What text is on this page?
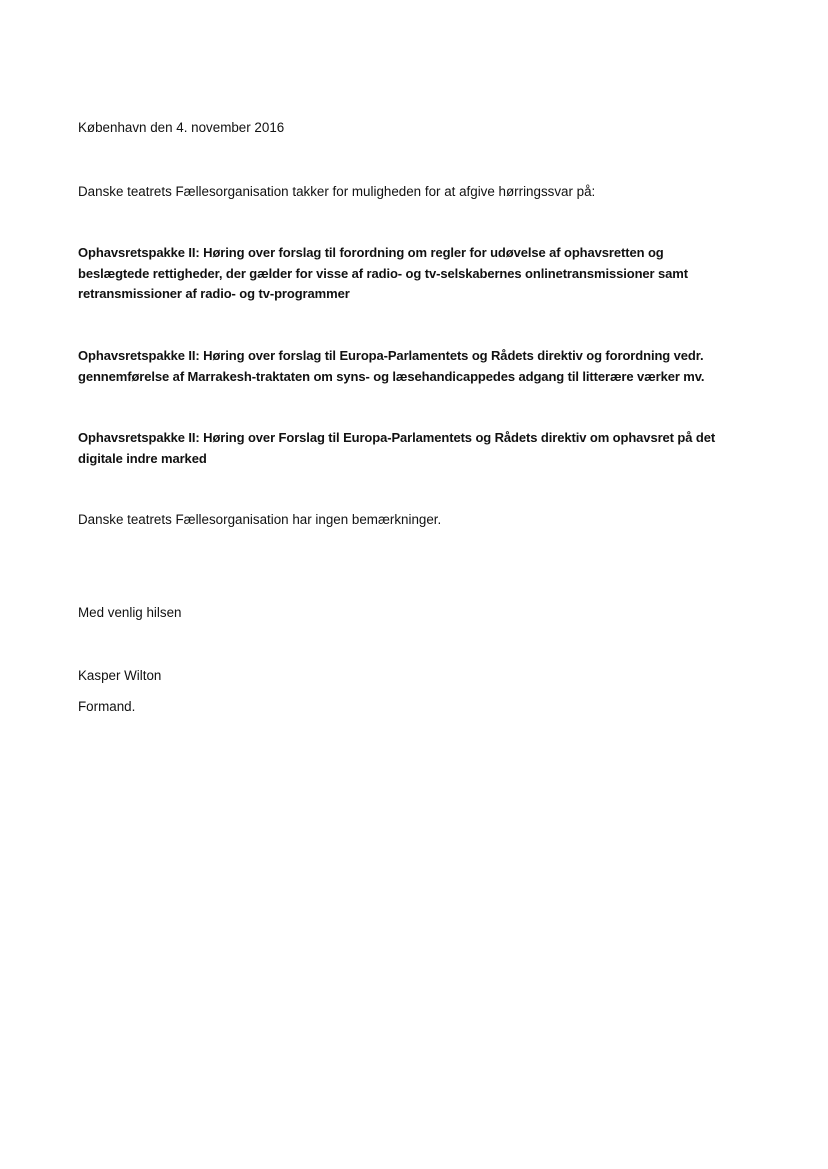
København den 4. november 2016

Danske teatrets Fællesorganisation takker for muligheden for at afgive hørringssvar på:

Ophavsretspakke II: Høring over forslag til forordning om regler for udøvelse af ophavsretten og
beslægtede rettigheder, der gælder for visse af radio- og tv-selskabernes onlinetransmissioner samt
retransmissioner af radio- og tv-programmer
Ophavsretspakke II: Høring over forslag til Europa-Parlamentets og Rådets direktiv og forordning vedr.
gennemførelse af Marrakesh-traktaten om syns- og læsehandicappedes adgang til litterære værker mv.
Ophavsretspakke II: Høring over Forslag til Europa-Parlamentets og Rådets direktiv om ophavsret på det
digitale indre marked

Danske teatrets Fællesorganisation har ingen bemærkninger.

Med venlig hilsen

Kasper Wilton

Formand.
